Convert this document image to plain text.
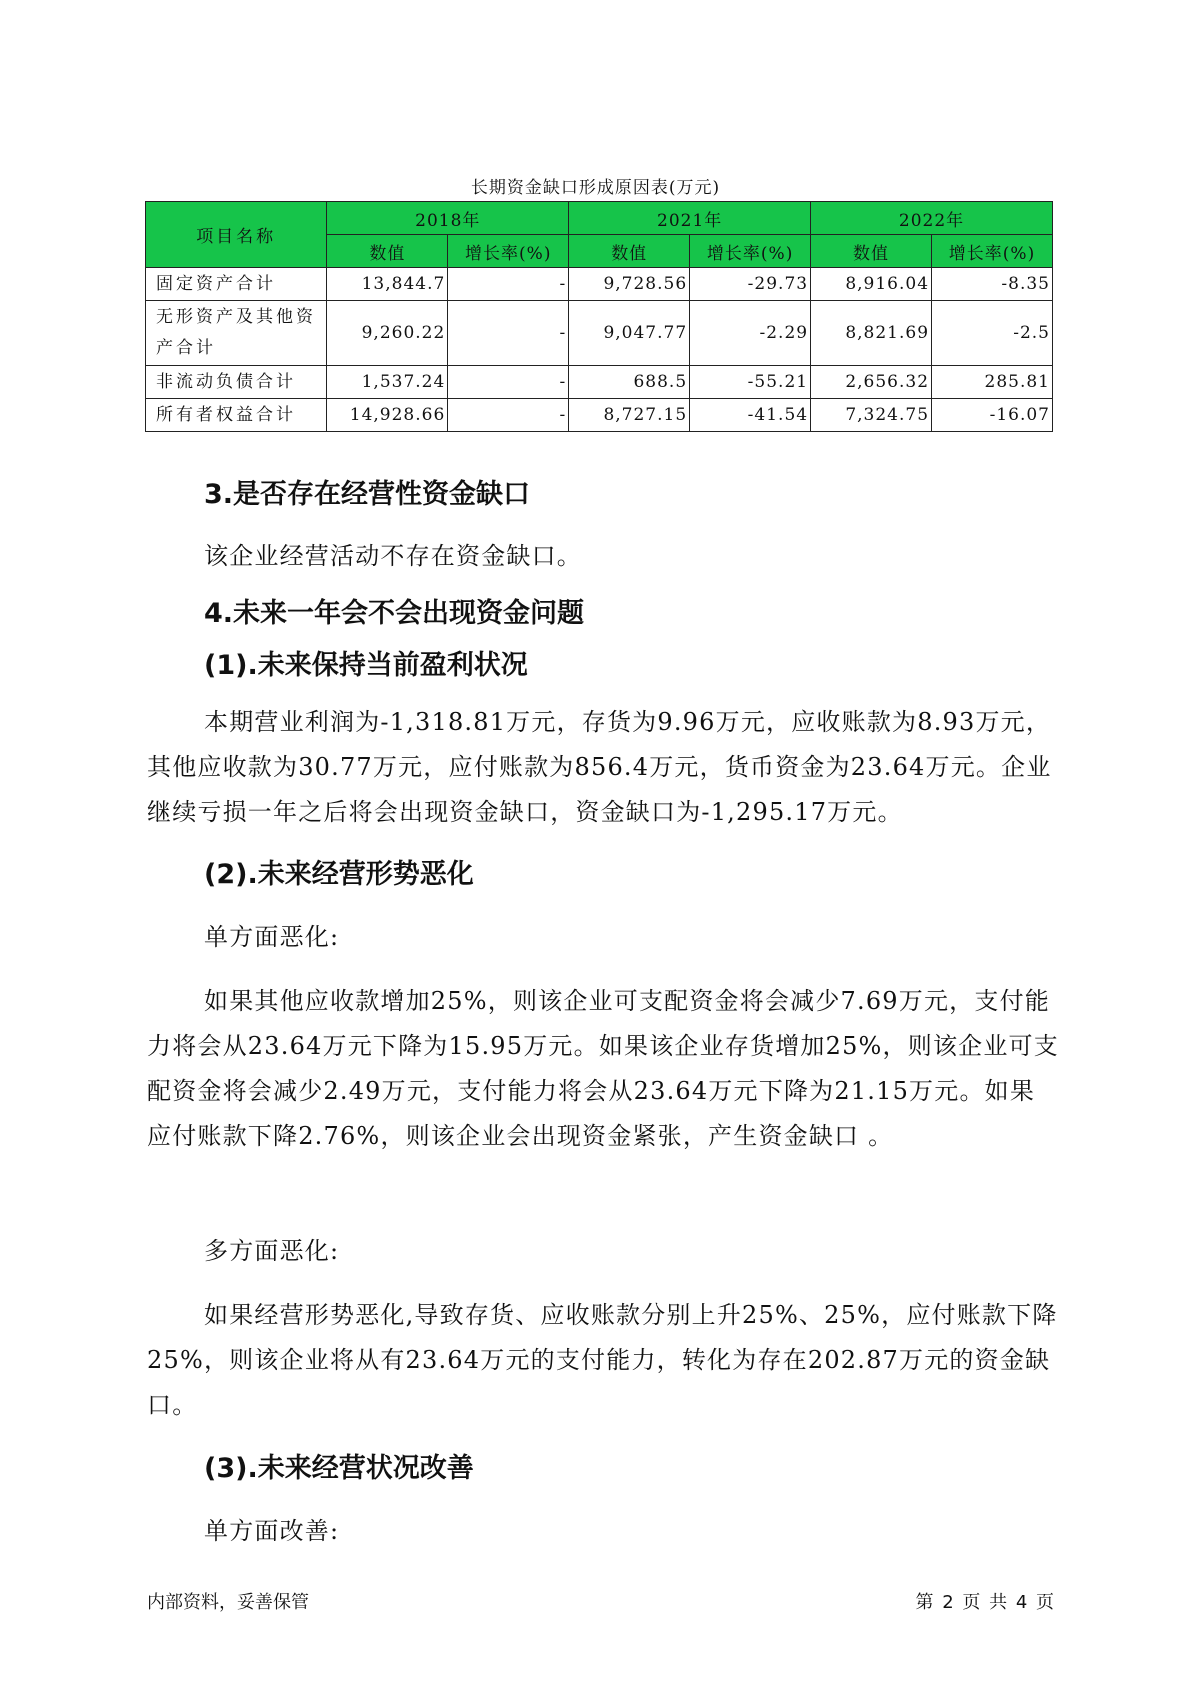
长期资金缺口形成原因表(万元)
项目名称	2018年		2021年		2022年	
	数值	增长率(%)	数值	增长率(%)	数值	增长率(%)
固定资产合计	13,844.7	-	9,728.56	-29.73	8,916.04	-8.35
无形资产及其他资产合计	9,260.22	-	9,047.77	-2.29	8,821.69	-2.5
非流动负债合计	1,537.24	-	688.5	-55.21	2,656.32	285.81
所有者权益合计	14,928.66	-	8,727.15	-41.54	7,324.75	-16.07
3.是否存在经营性资金缺口

该企业经营活动不存在资金缺口。

4.未来一年会不会出现资金问题
(1).未来保持当前盈利状况

本期营业利润为-1,318.81万元，存货为9.96万元，应收账款为8.93万元，其他应收款为30.77万元，应付账款为856.4万元，货币资金为23.64万元。企业继续亏损一年之后将会出现资金缺口，资金缺口为-1,295.17万元。

(2).未来经营形势恶化

单方面恶化:

如果其他应收款增加25%，则该企业可支配资金将会减少7.69万元，支付能力将会从23.64万元下降为15.95万元。如果该企业存货增加25%，则该企业可支配资金将会减少2.49万元，支付能力将会从23.64万元下降为21.15万元。如果应付账款下降2.76%，则该企业会出现资金紧张，产生资金缺口 。

多方面恶化:

如果经营形势恶化,导致存货、应收账款分别上升25%、25%，应付账款下降25%，则该企业将从有23.64万元的支付能力，转化为存在202.87万元的资金缺口。

(3).未来经营状况改善

单方面改善:

内部资料，妥善保管	第 2 页 共 4 页
